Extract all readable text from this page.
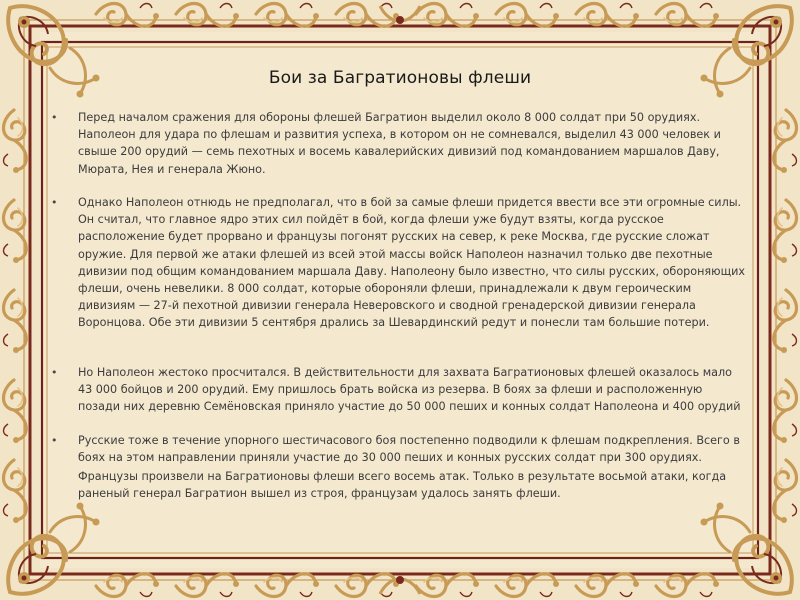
Бои за Багратионовы флеши
• Перед началом сражения для обороны флешей Багратион выделил около 8 000 солдат при 50 орудиях. Наполеон для удара по флешам и развития успеха, в котором он не сомневался, выделил 43 000 человек и свыше 200 орудий — семь пехотных и восемь кавалерийских дивизий под командованием маршалов Даву, Мюрата, Нея и генерала Жюно.
• Однако Наполеон отнюдь не предполагал, что в бой за самые флеши придется ввести все эти огромные силы. Он считал, что главное ядро этих сил пойдёт в бой, когда флеши уже будут взяты, когда русское расположение будет прорвано и французы погонят русских на север, к реке Москва, где русские сложат оружие. Для первой же атаки флешей из всей этой массы войск Наполеон назначил только две пехотные дивизии под общим командованием маршала Даву. Наполеону было известно, что силы русских, обороняющих флеши, очень невелики. 8 000 солдат, которые обороняли флеши, принадлежали к двум героическим дивизиям — 27-й пехотной дивизии генерала Неверовского и сводной гренадерской дивизии генерала Воронцова. Обе эти дивизии 5 сентября дрались за Шевардинский редут и понесли там большие потери.
• Но Наполеон жестоко просчитался. В действительности для захвата Багратионовых флешей оказалось мало 43 000 бойцов и 200 орудий. Ему пришлось брать войска из резерва. В боях за флеши и расположенную позади них деревню Семёновская приняло участие до 50 000 пеших и конных солдат Наполеона и 400 орудий
• Русские тоже в течение упорного шестичасового боя постепенно подводили к флешам подкрепления. Всего в боях на этом направлении приняли участие до 30 000 пеших и конных русских солдат при 300 орудиях.
Французы произвели на Багратионовы флеши всего восемь атак. Только в результате восьмой атаки, когда раненый генерал Багратион вышел из строя, французам удалось занять флеши.
